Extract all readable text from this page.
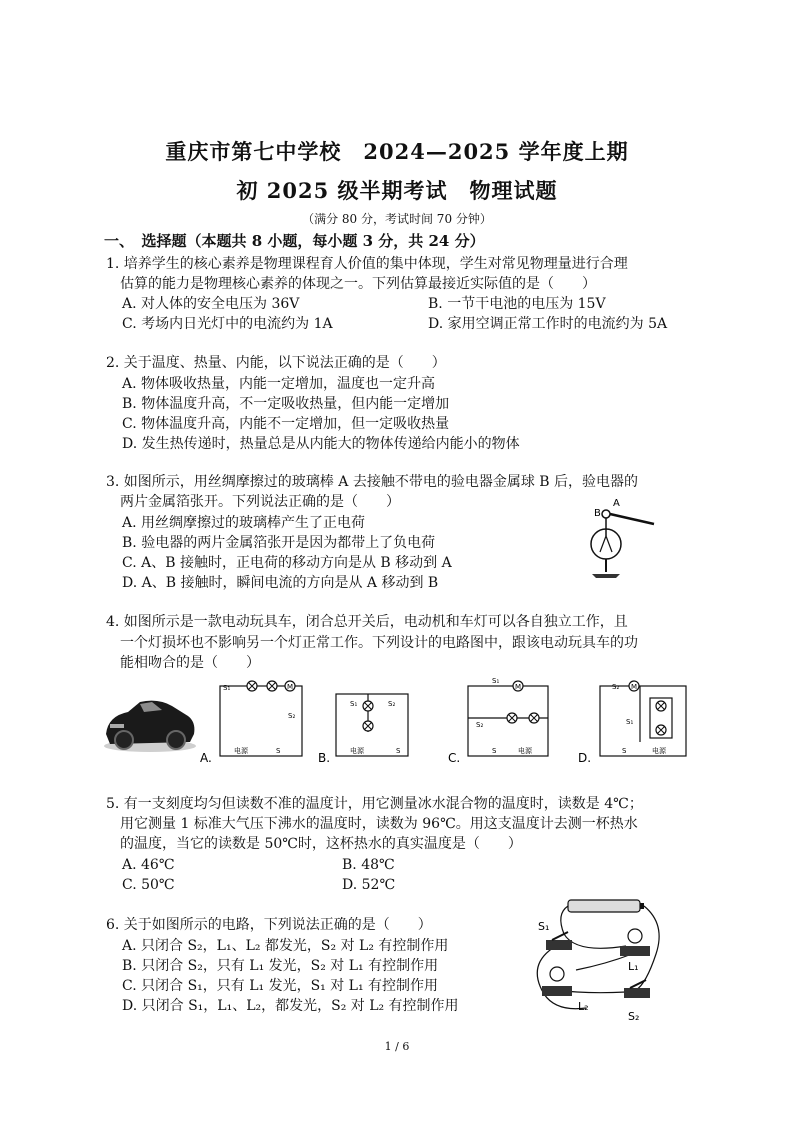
重庆市第七中学校　2024—2025 学年度上期
初 2025 级半期考试　物理试题
（满分 80 分，考试时间 70 分钟）
一、　选择题（本题共 8 小题，每小题 3 分，共 24 分）
1. 培养学生的核心素养是物理课程育人价值的集中体现，学生对常见物理量进行合理
估算的能力是物理核心素养的体现之一。下列估算最接近实际值的是（　　）
A. 对人体的安全电压为 36V	B. 一节干电池的电压为 15V
C. 考场内日光灯中的电流约为 1A	D. 家用空调正常工作时的电流约为 5A
2. 关于温度、热量、内能，以下说法正确的是（　　）
A. 物体吸收热量，内能一定增加，温度也一定升高
B. 物体温度升高，不一定吸收热量，但内能一定增加
C. 物体温度升高，内能不一定增加，但一定吸收热量
D. 发生热传递时，热量总是从内能大的物体传递给内能小的物体
3. 如图所示，用丝绸摩擦过的玻璃棒 A 去接触不带电的验电器金属球 B 后，验电器的
两片金属箔张开。下列说法正确的是（　　）
A. 用丝绸摩擦过的玻璃棒产生了正电荷
B. 验电器的两片金属箔张开是因为都带上了负电荷
C. A、B 接触时，正电荷的移动方向是从 B 移动到 A
D. A、B 接触时，瞬间电流的方向是从 A 移动到 B
A
B
4. 如图所示是一款电动玩具车，闭合总开关后，电动机和车灯可以各自独立工作，且
一个灯损坏也不影响另一个灯正常工作。下列设计的电路图中，跟该电动玩具车的功
能相吻合的是（　　）
S₁	M
S₂
电源	S
A.
S₁	S₂
电源	S
B.
M
S₁
S₂
S	电源
C.
M
S₂
S₁
S	电源
D.
5. 有一支刻度均匀但读数不准的温度计，用它测量冰水混合物的温度时，读数是 4℃；
用它测量 1 标准大气压下沸水的温度时，读数为 96℃。用这支温度计去测一杯热水
的温度，当它的读数是 50℃时，这杯热水的真实温度是（　　）
A. 46℃	B. 48℃
C. 50℃	D. 52℃
6. 关于如图所示的电路，下列说法正确的是（　　）
A. 只闭合 S₂，L₁、L₂ 都发光，S₂ 对 L₂ 有控制作用
B. 只闭合 S₂，只有 L₁ 发光，S₂ 对 L₁ 有控制作用
C. 只闭合 S₁，只有 L₁ 发光，S₁ 对 L₁ 有控制作用
D. 只闭合 S₁，L₁、L₂，都发光，S₂ 对 L₂ 有控制作用
S₁
L₁
L₂
S₂
1 / 6
